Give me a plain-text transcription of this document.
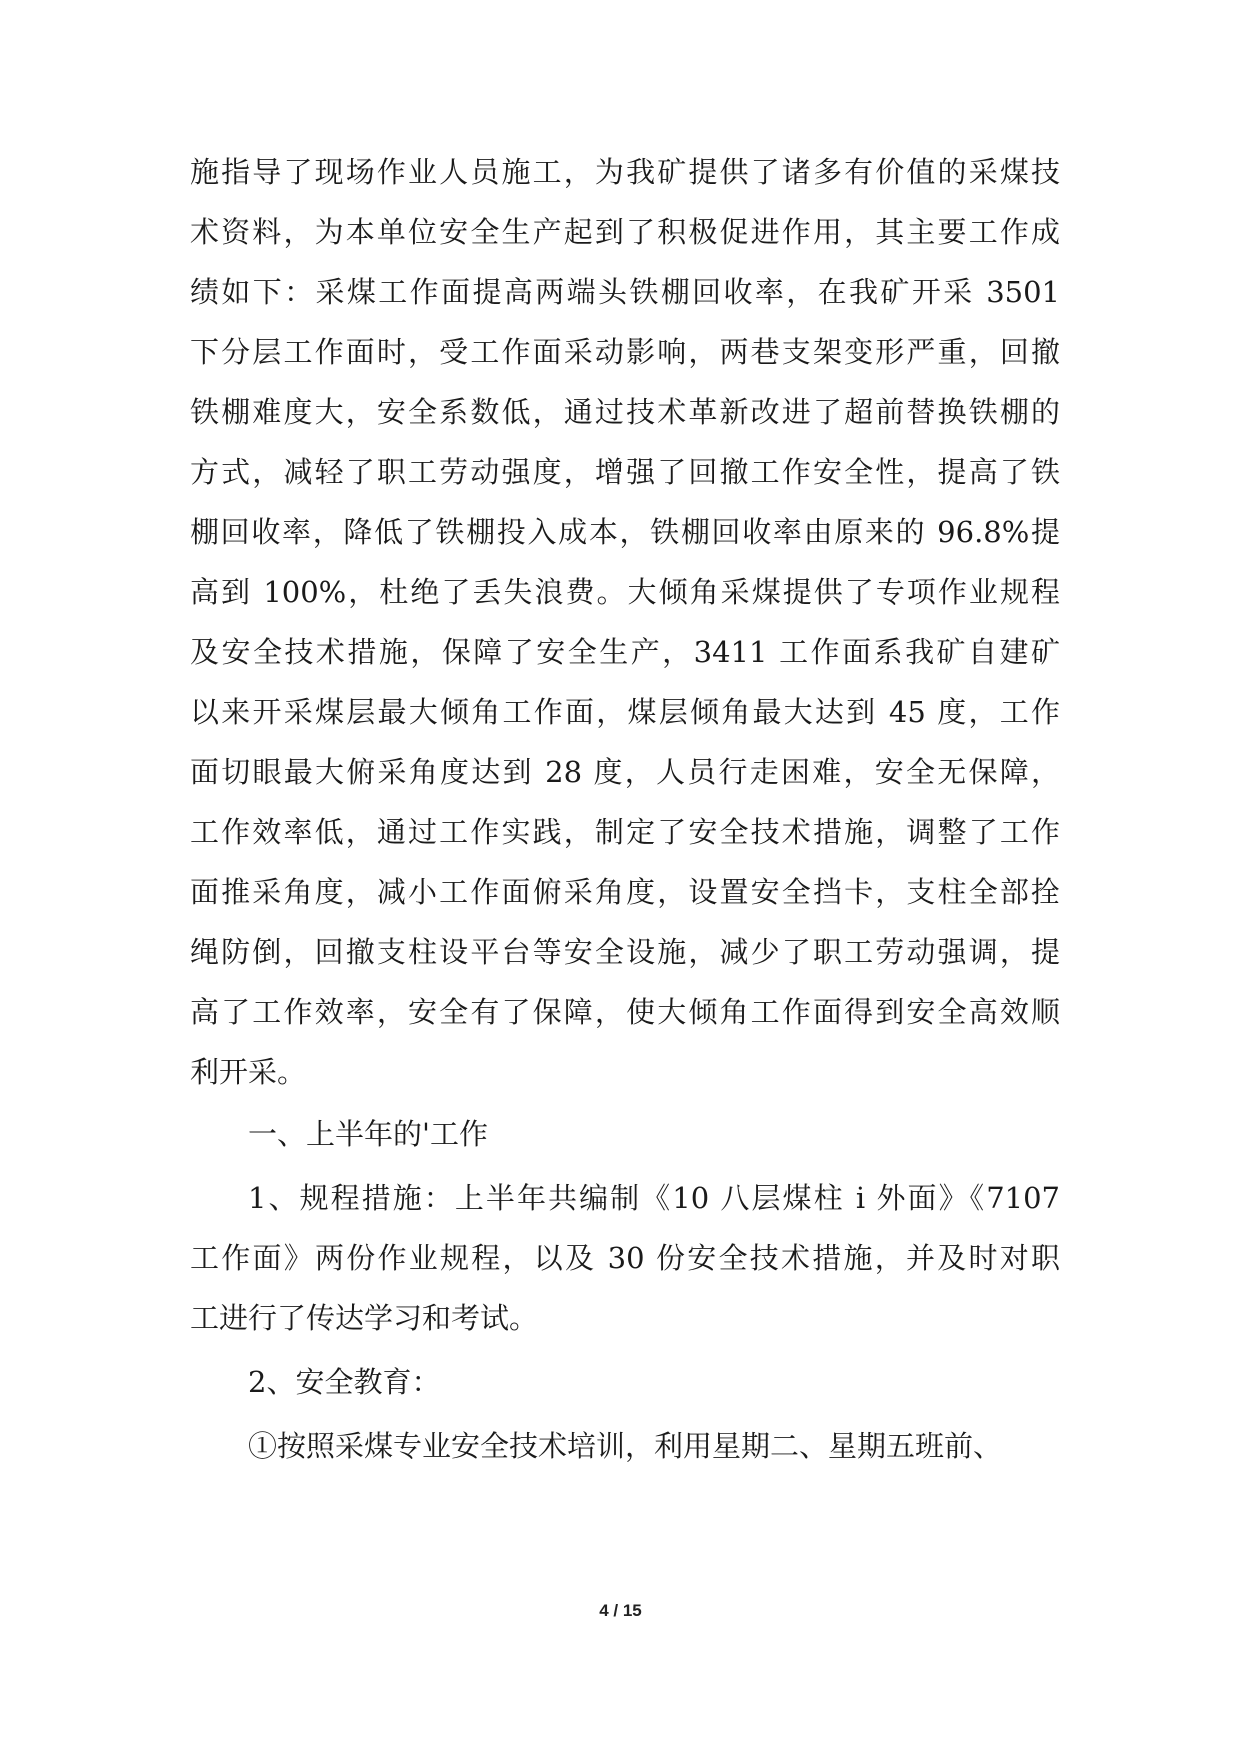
施指导了现场作业人员施工，为我矿提供了诸多有价值的采煤技

术资料，为本单位安全生产起到了积极促进作用，其主要工作成

绩如下：采煤工作面提高两端头铁棚回收率，在我矿开采 3501

下分层工作面时，受工作面采动影响，两巷支架变形严重，回撤

铁棚难度大，安全系数低，通过技术革新改进了超前替换铁棚的

方式，减轻了职工劳动强度，增强了回撤工作安全性，提高了铁

棚回收率，降低了铁棚投入成本，铁棚回收率由原来的 96.8%提

高到 100%，杜绝了丢失浪费。大倾角采煤提供了专项作业规程

及安全技术措施，保障了安全生产，3411 工作面系我矿自建矿

以来开采煤层最大倾角工作面，煤层倾角最大达到 45 度，工作

面切眼最大俯采角度达到 28 度，人员行走困难，安全无保障，

工作效率低，通过工作实践，制定了安全技术措施，调整了工作

面推采角度，减小工作面俯采角度，设置安全挡卡，支柱全部拴

绳防倒，回撤支柱设平台等安全设施，减少了职工劳动强调，提

高了工作效率，安全有了保障，使大倾角工作面得到安全高效顺

利开采。

一、上半年的'工作

1、规程措施：上半年共编制《10 八层煤柱 i 外面》《7107

工作面》两份作业规程，以及 30 份安全技术措施，并及时对职

工进行了传达学习和考试。

2、安全教育：

①按照采煤专业安全技术培训，利用星期二、星期五班前、

4 / 15
